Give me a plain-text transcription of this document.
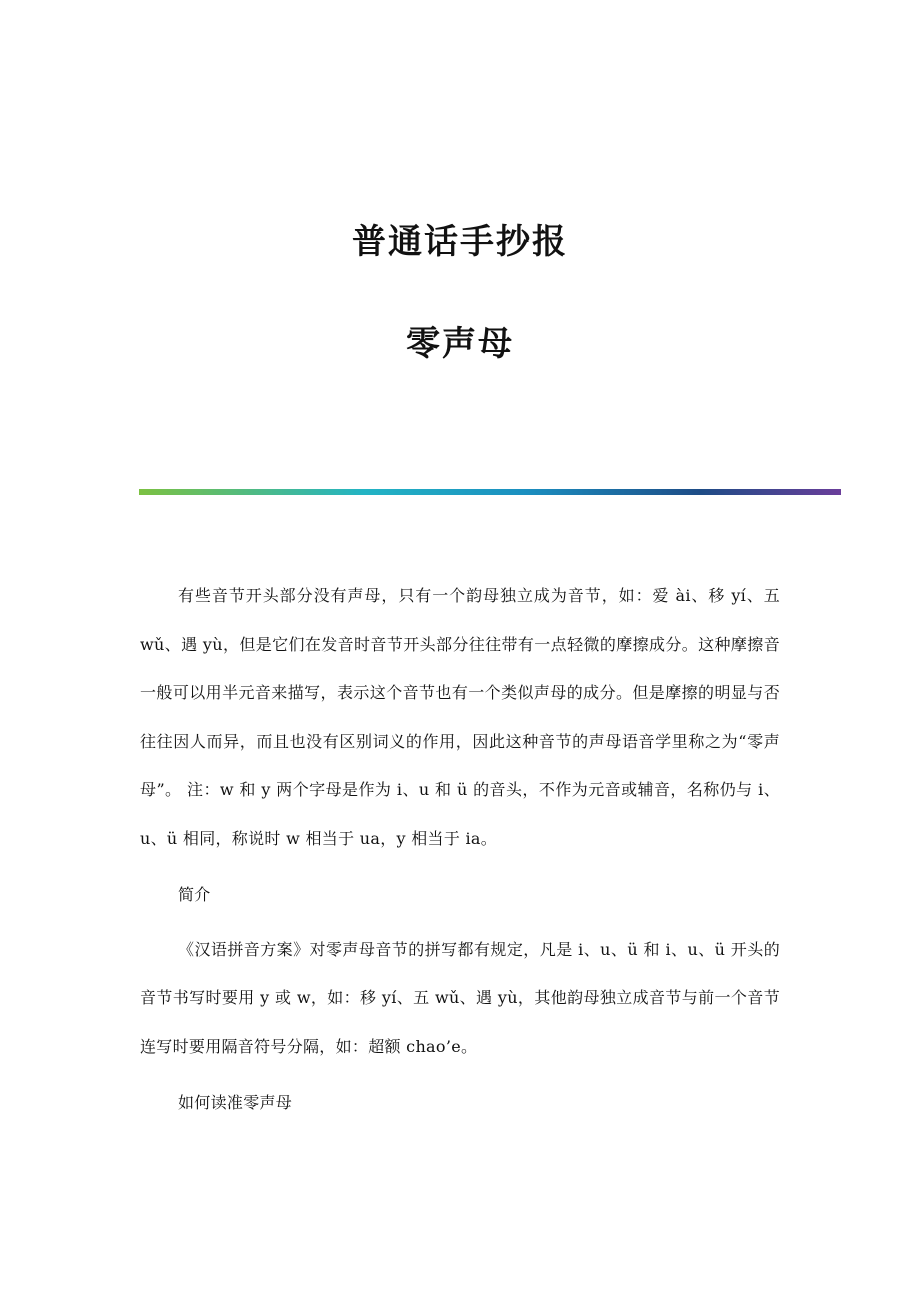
普通话手抄报
零声母

有些音节开头部分没有声母，只有一个韵母独立成为音节，如：爱 ài、移 yí、五 wǔ、遇 yù，但是它们在发音时音节开头部分往往带有一点轻微的摩擦成分。这种摩擦音一般可以用半元音来描写，表示这个音节也有一个类似声母的成分。但是摩擦的明显与否往往因人而异，而且也没有区别词义的作用，因此这种音节的声母语音学里称之为“零声母”。 注：w 和 y 两个字母是作为 i、u 和 ü 的音头，不作为元音或辅音，名称仍与 i、u、ü 相同，称说时 w 相当于 ua，y 相当于 ia。

简介

《汉语拼音方案》对零声母音节的拼写都有规定，凡是 i、u、ü 和 i、u、ü 开头的音节书写时要用 y 或 w，如：移 yí、五 wǔ、遇 yù，其他韵母独立成音节与前一个音节连写时要用隔音符号分隔，如：超额 chao’e。

如何读准零声母
